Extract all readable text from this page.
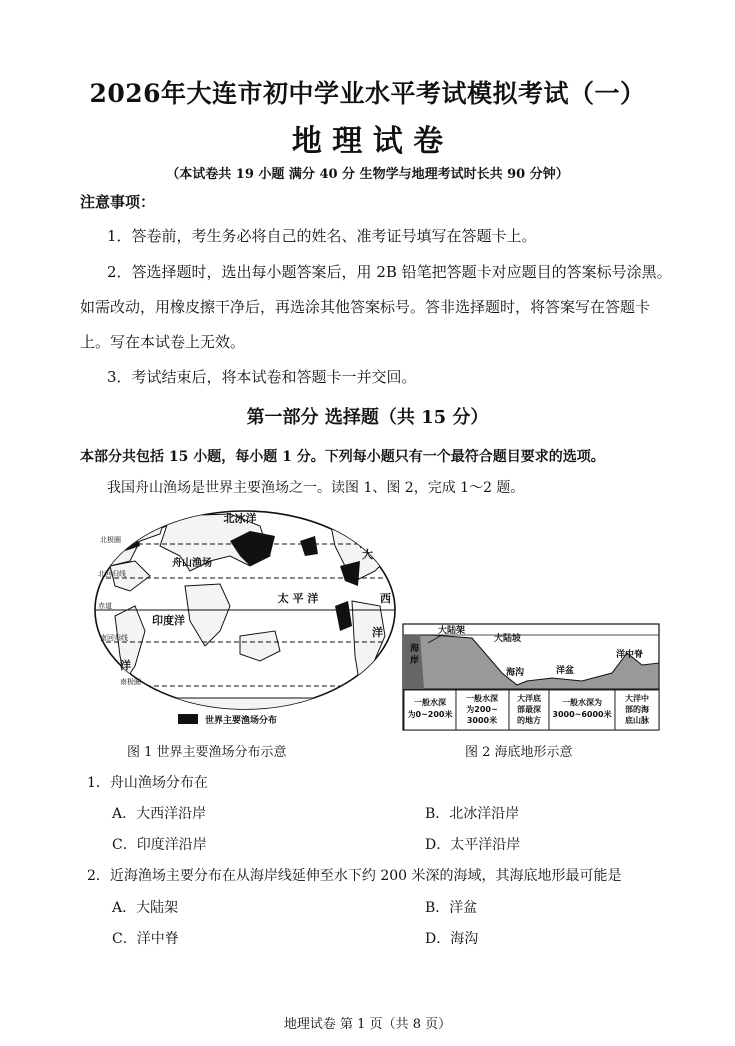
2026年大连市初中学业水平考试模拟考试（一）
地 理 试 卷
（本试卷共 19 小题 满分 40 分 生物学与地理考试时长共 90 分钟）
注意事项：
1．答卷前，考生务必将自己的姓名、准考证号填写在答题卡上。
2．答选择题时，选出每小题答案后，用 2B 铅笔把答题卡对应题目的答案标号涂黑。
如需改动，用橡皮擦干净后，再选涂其他答案标号。答非选择题时，将答案写在答题卡
上。写在本试卷上无效。
3．考试结束后，将本试卷和答题卡一并交回。
第一部分 选择题（共 15 分）
本部分共包括 15 小题，每小题 1 分。下列每小题只有一个最符合题目要求的选项。
我国舟山渔场是世界主要渔场之一。读图 1、图 2，完成 1～2 题。
北冰洋
舟山渔场
太 平 洋
印度洋
大
西
洋
洋
北极圈
北回归线
赤道
南回归线
南极圈
世界主要渔场分布
海
岸
大陆架
大陆坡
海沟	洋盆
洋中脊
一般水深
为0~200米
一般水深
为200~
3000米
大洋底
部最深
的地方
一般水深为
3000~6000米
大洋中
部的海
底山脉
图 1 世界主要渔场分布示意	图 2 海底地形示意
1．舟山渔场分布在
A．大西洋沿岸	B．北冰洋沿岸
C．印度洋沿岸	D．太平洋沿岸
2．近海渔场主要分布在从海岸线延伸至水下约 200 米深的海域，其海底地形最可能是
A．大陆架	B．洋盆
C．洋中脊	D．海沟
地理试卷 第 1 页（共 8 页）
